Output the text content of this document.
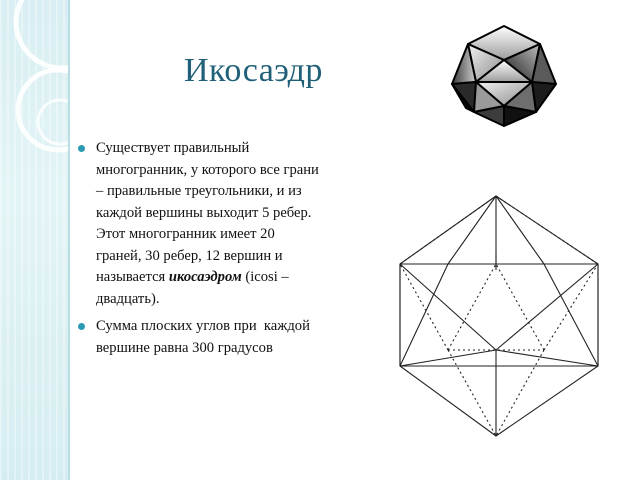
Икосаэдр
Существует правильный
многогранник, у которого все грани
– правильные треугольники, и из
каждой вершины выходит 5 ребер.
Этот многогранник имеет 20
граней, 30 ребер, 12 вершин и
называется икосаэдром (icosi –
двадцать).
Сумма плоских углов при  каждой
вершине равна 300 градусов
